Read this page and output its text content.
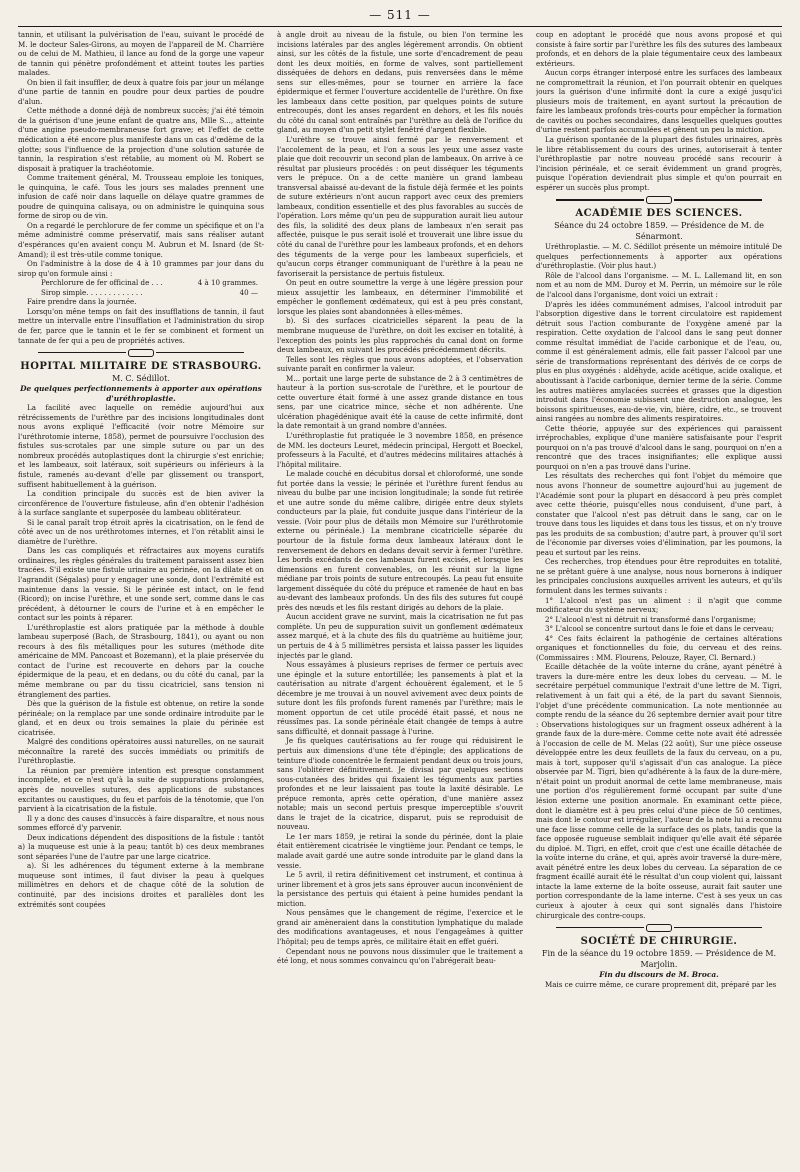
— 511 —

tannin, et utilisant la pulvérisation de l'eau, suivant le procédé de M. le docteur Sales-Girons, au moyen de l'appareil de M. Charrière ou de celui de M. Mathieu, il lance au fond de la gorge une vapeur de tannin qui pénètre profondément et atteint toutes les parties malades.

On bien il fait insuffler, de deux à quatre fois par jour un mélange d'une partie de tannin en poudre pour deux parties de poudre d'alun.

Cette méthode a donné déjà de nombreux succès; j'ai été témoin de la guérison d'une jeune enfant de quatre ans, Mlle S..., atteinte d'une angine pseudo-membraneuse fort grave; et l'effet de cette médication a été encore plus manifeste dans un cas d'œdème de la glotte; sous l'influence de la projection d'une solution saturée de tannin, la respiration s'est rétablie, au moment où M. Robert se disposait à pratiquer la trachéotomie.

Comme traitement général, M. Trousseau emploie les toniques, le quinquina, le café. Tous les jours ses malades prennent une infusion de café noir dans laquelle on délaye quatre grammes de poudre de quinquina calisaya, ou on administre le quinquina sous forme de sirop ou de vin.

On a regardé le perchlorure de fer comme un spécifique et on l'a même administré comme préservatif, mais sans réaliser autant d'espérances qu'en avaient conçu M. Aubrun et M. Isnard (de St-Amand); il est très-utile comme tonique.

On l'administre à la dose de 4 à 10 grammes par jour dans du sirop qu'on formule ainsi :

Perchlorure de fer officinal de . . .	4 à 10 grammes.

Sirop simple. . . . . . . . . . . . .	40 —

Faire prendre dans la journée.

Lorsqu'on mêne temps on fait des insufflations de tannin, il faut mettre un intervalle entre l'insufflation et l'administration du sirop de fer, parce que le tannin et le fer se combinent et forment un tannate de fer qui a peu de propriétés actives.

HOPITAL MILITAIRE DE STRASBOURG.

M. C. Sédillot.

De quelques perfectionnements à apporter aux opérations d'uréthroplastie.

La facilité avec laquelle on remédie aujourd'hui aux rétrécissements de l'urèthre par des incisions longitudinales dont nous avons expliqué l'efficacité (voir notre Mémoire sur l'uréthrotomie interne, 1858), permet de poursuivre l'occlusion des fistules sus-scrotales par une simple suture ou par un des nombreux procédés autoplastiques dont la chirurgie s'est enrichie; et les lambeaux, soit latéraux, soit supérieurs ou inférieurs à la fistule, ramenés au-devant d'elle par glissement ou transport, suffisent habituellement à la guérison.

La condition principale du succès est de bien aviver la circonférence de l'ouverture fistuleuse, afin d'en obtenir l'adhésion à la surface sanglante et superposée du lambeau oblitérateur.

Si le canal paraît trop étroit après la cicatrisation, on le fend de côté avec un de nos uréthrotomes internes, et l'on rétablit ainsi le diamètre de l'urèthre.

Dans les cas compliqués et réfractaires aux moyens curatifs ordinaires, les règles générales du traitement paraissent assez bien tracées. S'il existe une fistule urinaire au périnée, on la dilate et on l'agrandit (Ségalas) pour y engager une sonde, dont l'extrémité est maintenue dans la vessie. Si le périnée est intact, on le fend (Ricord); on incise l'urèthre, et une sonde sert, comme dans le cas précédent, à détourner le cours de l'urine et à en empêcher le contact sur les points à réparer.

L'uréthroplastie est alors pratiquée par la méthode à double lambeau superposé (Bach, de Strasbourg, 1841), ou ayant ou non recours à des fils métalliques pour les sutures (méthode dite américaine de MM. Pancoast et Bozemann), et la plaie préservée du contact de l'urine est recouverte en dehors par la couche épidermique de la peau, et en dedans, ou du côté du canal, par la même membrane ou par du tissu cicatriciel, sans tension ni étranglement des parties.

Dès que la guérison de la fistule est obtenue, on retire la sonde périnéale; on la remplace par une sonde ordinaire introduite par le gland, et en deux ou trois semaines la plaie du périnée est cicatrisée.

Malgré des conditions opératoires aussi naturelles, on ne saurait méconnaître la rareté des succès immédiats ou primitifs de l'uréthroplastie.

La réunion par première intention est presque constamment incomplète, et ce n'est qu'à la suite de suppurations prolongées, après de nouvelles sutures, des applications de substances excitantes ou caustiques, du feu et parfois de la ténotomie, que l'on parvient à la cicatrisation de la fistule.

Il y a donc des causes d'insuccès à faire disparaître, et nous nous sommes efforcé d'y parvenir.

Deux indications dépendent des dispositions de la fistule : tantôt a) la muqueuse est unie à la peau; tantôt b) ces deux membranes sont séparées l'une de l'autre par une large cicatrice.

a). Si les adhérences du tégument externe à la membrane muqueuse sont intimes, il faut diviser la peau à quelques millimètres en dehors et de chaque côté de la solution de continuité, par des incisions droites et parallèles dont les extrémités sont coupées

à angle droit au niveau de la fistule, ou bien l'on termine les incisions latérales par des angles légèrement arrondis. On obtient ainsi, sur les côtés de la fistule, une sorte d'encadrement de peau dont les deux moitiés, en forme de valves, sont partiellement disséquées de dehors en dedans, puis renversées dans le même sens sur elles-mêmes, pour se tourner en arrière la face épidermique et fermer l'ouverture accidentelle de l'urèthre. On fixe les lambeaux dans cette position, par quelques points de suture entrecoupés, dont les anses regardent en dehors, et les fils noués du côté du canal sont entraînés par l'urèthre au delà de l'orifice du gland, au moyen d'un petit stylet fenêtré d'argent flexible.

L'urèthre se trouve ainsi fermé par le renversement et l'accolement de la peau, et l'on a sous les yeux une assez vaste plaie que doit recouvrir un second plan de lambeaux. On arrive à ce résultat par plusieurs procédés : on peut disséquer les téguments vers le prépuce. On a de cette manière un grand lambeau transversal abaissé au-devant de la fistule déjà fermée et les points de suture extérieurs n'ont aucun rapport avec ceux des premiers lambeaux, condition essentielle et des plus favorables au succès de l'opération. Lors même qu'un peu de suppuration aurait lieu autour des fils, la solidité des deux plans de lambeaux n'en serait pas affectée, puisque le pus serait isolé et trouverait une libre issue du côté du canal de l'urèthre pour les lambeaux profonds, et en dehors des téguments de la verge pour les lambeaux superficiels, et qu'aucun corps étranger communiquant de l'urèthre à la peau ne favoriserait la persistance de pertuis fistuleux.

On peut en outre soumettre la verge à une légère pression pour mieux assujettir les lambeaux, en déterminer l'immobilité et empêcher le gonflement œdémateux, qui est à peu près constant, lorsque les plaies sont abandonnées à elles-mêmes.

b). Si des surfaces cicatricielles séparent la peau de la membrane muqueuse de l'urèthre, on doit les exciser en totalité, à l'exception des points les plus rapprochés du canal dont on forme deux lambeaux, en suivant les procédés précédemment décrits.

Telles sont les règles que nous avons adoptées, et l'observation suivante paraît en confirmer la valeur.

M... portait une large perte de substance de 2 à 3 centimètres de hauteur à la portion sus-scrotale de l'urèthre, et le pourtour de cette ouverture était formé à une assez grande distance en tous sens, par une cicatrice mince, sèche et non adhérente. Une ulcération phagédénique avait été la cause de cette infirmité, dont la date remontait à un grand nombre d'années.

L'uréthroplastie fut pratiquée le 3 novembre 1858, en présence de MM. les docteurs Leuret, médecin principal, Hergott et Boeckel, professeurs à la Faculté, et d'autres médecins militaires attachés à l'hôpital militaire.

Le malade couché en décubitus dorsal et chloroformé, une sonde fut portée dans la vessie; le périnée et l'urèthre furent fendus au niveau du bulbe par une incision longitudinale; la sonde fut retirée et une autre sonde du même calibre, dirigée entre deux stylets conducteurs par la plaie, fut conduite jusque dans l'intérieur de la vessie. (Voir pour plus de détails mon Mémoire sur l'uréthrotomie externe ou périnéale.) La membrane cicatricielle séparée du pourtour de la fistule forma deux lambeaux latéraux dont le renversement de dehors en dedans devait servir à fermer l'urèthre. Les bords excédants de ces lambeaux furent excisés, et lorsque les dimensions en furent convenables, on les réunit sur la ligne médiane par trois points de suture entrecoupés. La peau fut ensuite largement disséquée du côté du prépuce et ramenée de haut en bas au-devant des lambeaux profonds. Un des fils des sutures fut coupé près des nœuds et les fils restant dirigés au dehors de la plaie.

Aucun accident grave ne survint, mais la cicatrisation ne fut pas complète. Un peu de suppuration suivit un gonflement œdémateux assez marqué, et à la chute des fils du quatrième au huitième jour, un pertuis de 4 à 5 millimètres persista et laissa passer les liquides injectés par le gland.

Nous essayâmes à plusieurs reprises de fermer ce pertuis avec une épingle et la suture entortillée; les pansements à plat et la cautérisation au nitrate d'argent échouèrent également, et le 5 décembre je me trouvai à un nouvel avivement avec deux points de suture dont les fils profonds furent ramenés par l'urèthre; mais le moment opportun de cet utile procédé était passé, et nous ne réussîmes pas. La sonde périnéale était changée de temps à autre sans difficulté, et donnait passage à l'urine.

Je fis quelques cautérisations au fer rouge qui réduisirent le pertuis aux dimensions d'une tête d'épingle; des applications de teinture d'iode concentrée le fermaient pendant deux ou trois jours, sans l'oblitérer définitivement. Je divisai par quelques sections sous-cutanées des brides qui fixaient les téguments aux parties profondes et ne leur laissaient pas toute la laxité désirable. Le prépuce remonta, après cette opération, d'une manière assez notable; mais un second pertuis presque imperceptible s'ouvrit dans le trajet de la cicatrice, disparut, puis se reproduisit de nouveau.

Le 1er mars 1859, je retirai la sonde du périnée, dont la plaie était entièrement cicatrisée le vingtième jour. Pendant ce temps, le malade avait gardé une autre sonde introduite par le gland dans la vessie.

Le 5 avril, il retira définitivement cet instrument, et continua à uriner librement et à gros jets sans éprouver aucun inconvénient de la persistance des pertuis qui étaient à peine humides pendant la miction.

Nous pensâmes que le changement de régime, l'exercice et le grand air amèneraient dans la constitution lymphatique du malade des modifications avantageuses, et nous l'engageâmes à quitter l'hôpital; peu de temps après, ce militaire était en effet guéri.

Cependant nous ne pouvons nous dissimuler que le traitement a été long, et nous sommes convaincu qu'on l'abrégerait beau-

coup en adoptant le procédé que nous avons proposé et qui consiste à faire sortir par l'urèthre les fils des sutures des lambeaux profonds, et en dehors de la plaie tégumentaire ceux des lambeaux extérieurs.

Aucun corps étranger interposé entre les surfaces des lambeaux ne compromettrait la réunion, et l'on pourrait obtenir en quelques jours la guérison d'une infirmité dont la cure a exigé jusqu'ici plusieurs mois de traitement, en ayant surtout la précaution de faire les lambeaux profonds très-courts pour empêcher la formation de cavités ou poches secondaires, dans lesquelles quelques gouttes d'urine restent parfois accumulées et gênent un peu la miction.

La guérison spontanée de la plupart des fistules urinaires, après le libre rétablissement du cours des urines, autoriserait à tenter l'uréthroplastie par notre nouveau procédé sans recourir à l'incision périnéale, et ce serait évidemment un grand progrès, puisque l'opération deviendrait plus simple et qu'on pourrait en espérer un succès plus prompt.

ACADÉMIE DES SCIENCES.

Séance du 24 octobre 1859. — Présidence de M. de Sénarmont.

Uréthroplastie. — M. C. Sédillot présente un mémoire intitulé De quelques perfectionnements à apporter aux opérations d'uréthroplastie. (Voir plus haut.)

Rôle de l'alcool dans l'organisme. — M. L. Lallemand lit, en son nom et au nom de MM. Duroy et M. Perrin, un mémoire sur le rôle de l'alcool dans l'organisme, dont voici un extrait :

D'après les idées communément admises, l'alcool introduit par l'absorption digestive dans le torrent circulatoire est rapidement détruit sous l'action comburante de l'oxygène amené par la respiration. Cette oxydation de l'alcool dans le sang peut donner comme résultat immédiat de l'acide carbonique et de l'eau, ou, comme il est généralement admis, elle fait passer l'alcool par une série de transformations représentant des dérivés de ce corps de plus en plus oxygénés : aldéhyde, acide acétique, acide oxalique, et aboutissant à l'acide carbonique, dernier terme de la série. Comme les autres matières amylacées sucrées et grasses que la digestion introduit dans l'économie subissent une destruction analogue, les boissons spiritueuses, eau-de-vie, vin, bière, cidre, etc., se trouvent ainsi rangées au nombre des aliments respiratoires.

Cette théorie, appuyée sur des expériences qui paraissent irréprochables, explique d'une manière satisfaisante pour l'esprit pourquoi on n'a pas trouvé d'alcool dans le sang, pourquoi on n'en a rencontré que des traces insignifiantes; elle explique aussi pourquoi on n'en a pas trouvé dans l'urine.

Les résultats des recherches qui font l'objet du mémoire que nous avons l'honneur de soumettre aujourd'hui au jugement de l'Académie sont pour la plupart en désaccord à peu près complet avec cette théorie, puisqu'elles nous conduisent, d'une part, à constater que l'alcool n'est pas détruit dans le sang, car on le trouve dans tous les liquides et dans tous les tissus, et on n'y trouve pas les produits de sa combustion; d'autre part, à prouver qu'il sort de l'économie par diverses voies d'élimination, par les poumons, la peau et surtout par les reins.

Ces recherches, trop étendues pour être reproduites en totalité, ne se prêtant guère à une analyse, nous nous bornerons à indiquer les principales conclusions auxquelles arrivent les auteurs, et qu'ils formulent dans les termes suivants :

1° L'alcool n'est pas un aliment : il n'agit que comme modificateur du système nerveux;

2° L'alcool n'est ni détruit ni transformé dans l'organisme;

3° L'alcool se concentre surtout dans le foie et dans le cerveau;

4° Ces faits éclairent la pathogénie de certaines altérations organiques et fonctionnelles du foie, du cerveau et des reins. (Commissaires : MM. Flourens, Pelouze, Rayer, Cl. Bernard.)

Ecaille détachée de la voûte interne du crâne, ayant pénétré à travers la dure-mère entre les deux lobes du cerveau. — M. le secrétaire perpétuel communique l'extrait d'une lettre de M. Tigri, relativement à un fait qui a été, de la part du savant Siennois, l'objet d'une précédente communication. La note mentionnée au compte rendu de la séance du 26 septembre dernier avait pour titre : Observations histologiques sur un fragment osseux adhérent à la grande faux de la dure-mère. Comme cette note avait été adressée à l'occasion de celle de M. Melas (22 août), Sur une pièce osseuse développée entre les deux feuillets de la faux du cerveau, on a pu, mais à tort, supposer qu'il s'agissait d'un cas analogue. La pièce observée par M. Tigri, bien qu'adhérente à la faux de la dure-mère, n'était point un produit anormal de cette lame membraneuse, mais une portion d'os régulièrement formé occupant par suite d'une lésion externe une position anormale. En examinant cette pièce, dont le diamètre est à peu près celui d'une pièce de 50 centimes, mais dont le contour est irrégulier, l'auteur de la note lui a reconnu une face lisse comme celle de la surface des os plats, tandis que la face opposée rugueuse semblait indiquer qu'elle avait été séparée du diploé. M. Tigri, en effet, croit que c'est une écaille détachée de la voûte interne du crâne, et qui, après avoir traversé la dure-mère, avait pénétré entre les deux lobes du cerveau. La séparation de ce fragment écaillé aurait été le résultat d'un coup violent qui, laissant intacte la lame externe de la boîte osseuse, aurait fait sauter une portion correspondante de la lame interne. C'est à ses yeux un cas curieux à ajouter à ceux qui sont signalés dans l'histoire chirurgicale des contre-coups.

SOCIÉTÉ DE CHIRURGIE.

Fin de la séance du 19 octobre 1859. — Présidence de M. Marjolin.

Fin du discours de M. Broca.

Mais ce cuirre même, ce curare proprement dit, préparé par les
